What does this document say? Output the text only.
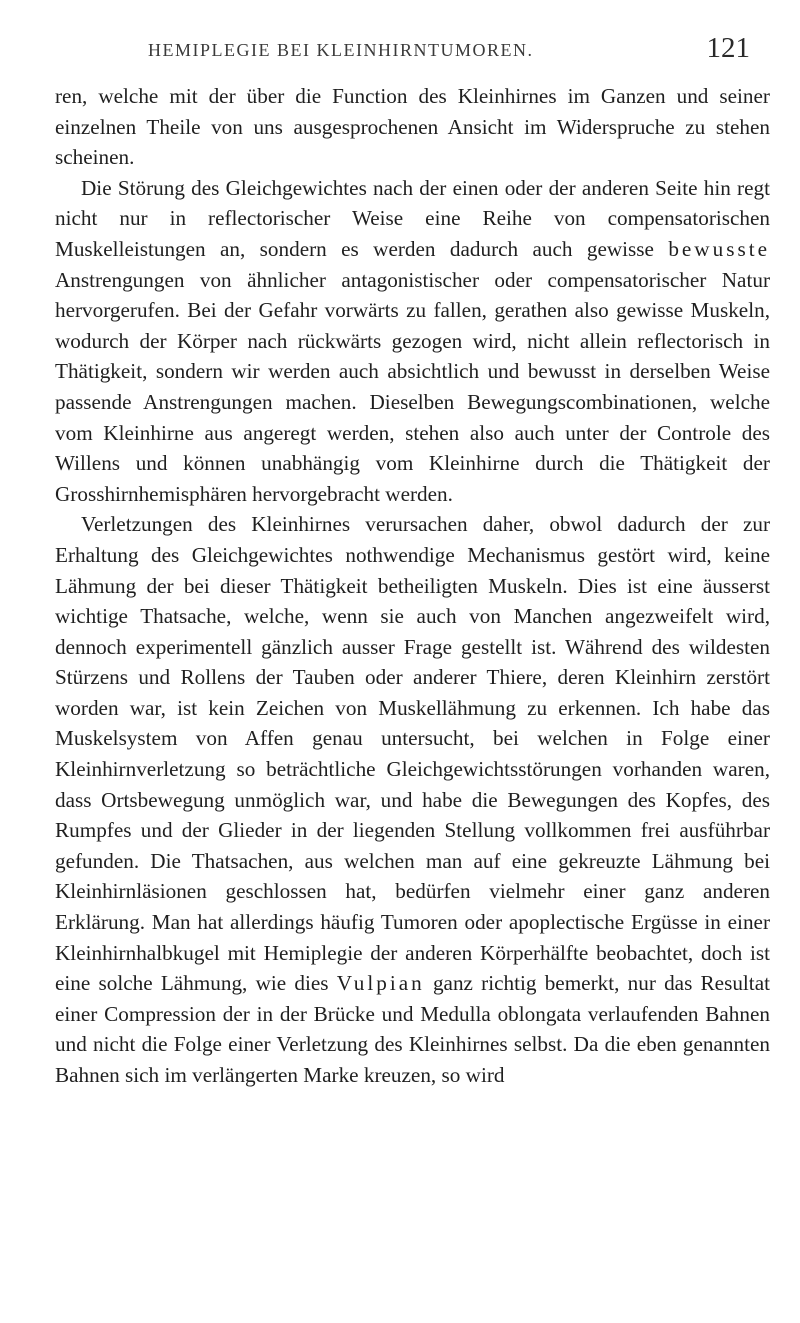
HEMIPLEGIE BEI KLEINHIRNTUMOREN.	121

ren, welche mit der über die Function des Kleinhirnes im Ganzen und seiner einzelnen Theile von uns ausgesprochenen Ansicht im Widerspruche zu stehen scheinen.

Die Störung des Gleichgewichtes nach der einen oder der anderen Seite hin regt nicht nur in reflectorischer Weise eine Reihe von compensatorischen Muskelleistungen an, sondern es werden dadurch auch gewisse bewusste Anstrengungen von ähnlicher antagonistischer oder compensatorischer Natur hervorgerufen. Bei der Gefahr vorwärts zu fallen, gerathen also gewisse Muskeln, wodurch der Körper nach rückwärts gezogen wird, nicht allein reflectorisch in Thätigkeit, sondern wir werden auch absichtlich und bewusst in derselben Weise passende Anstrengungen machen. Dieselben Bewegungscombinationen, welche vom Kleinhirne aus angeregt werden, stehen also auch unter der Controle des Willens und können unabhängig vom Kleinhirne durch die Thätigkeit der Grosshirnhemisphären hervorgebracht werden.

Verletzungen des Kleinhirnes verursachen daher, obwol dadurch der zur Erhaltung des Gleichgewichtes nothwendige Mechanismus gestört wird, keine Lähmung der bei dieser Thätigkeit betheiligten Muskeln. Dies ist eine äusserst wichtige Thatsache, welche, wenn sie auch von Manchen angezweifelt wird, dennoch experimentell gänzlich ausser Frage gestellt ist. Während des wildesten Stürzens und Rollens der Tauben oder anderer Thiere, deren Kleinhirn zerstört worden war, ist kein Zeichen von Muskellähmung zu erkennen. Ich habe das Muskelsystem von Affen genau untersucht, bei welchen in Folge einer Kleinhirnverletzung so beträchtliche Gleichgewichtsstörungen vorhanden waren, dass Ortsbewegung unmöglich war, und habe die Bewegungen des Kopfes, des Rumpfes und der Glieder in der liegenden Stellung vollkommen frei ausführbar gefunden. Die Thatsachen, aus welchen man auf eine gekreuzte Lähmung bei Kleinhirnläsionen geschlossen hat, bedürfen vielmehr einer ganz anderen Erklärung. Man hat allerdings häufig Tumoren oder apoplectische Ergüsse in einer Kleinhirnhalbkugel mit Hemiplegie der anderen Körperhälfte beobachtet, doch ist eine solche Lähmung, wie dies Vulpian ganz richtig bemerkt, nur das Resultat einer Compression der in der Brücke und Medulla oblongata verlaufenden Bahnen und nicht die Folge einer Verletzung des Kleinhirnes selbst. Da die eben genannten Bahnen sich im verlängerten Marke kreuzen, so wird
